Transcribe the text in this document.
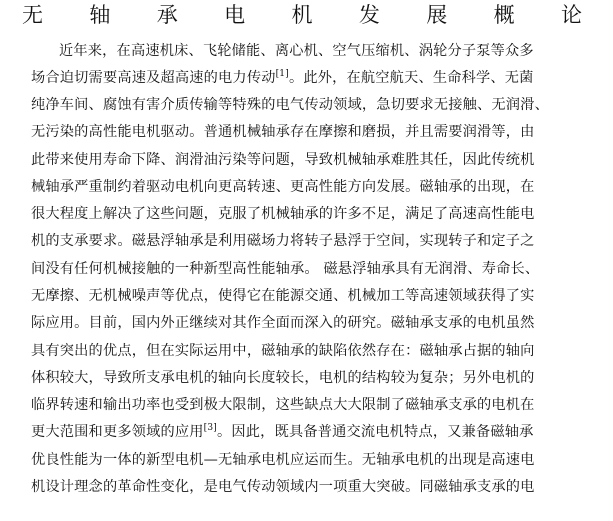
无 轴 承 电 机 发 展 概 论
近年来，在高速机床、飞轮储能、离心机、空气压缩机、涡轮分子泵等众多
场合迫切需要高速及超高速的电力传动[1]。此外，在航空航天、生命科学、无菌
纯净车间、腐蚀有害介质传输等特殊的电气传动领域，急切要求无接触、无润滑、
无污染的高性能电机驱动。普通机械轴承存在摩擦和磨损，并且需要润滑等，由
此带来使用寿命下降、润滑油污染等问题，导致机械轴承难胜其任，因此传统机
械轴承严重制约着驱动电机向更高转速、更高性能方向发展。磁轴承的出现，在
很大程度上解决了这些问题，克服了机械轴承的许多不足，满足了高速高性能电
机的支承要求。磁悬浮轴承是利用磁场力将转子悬浮于空间，实现转子和定子之
间没有任何机械接触的一种新型高性能轴承。 磁悬浮轴承具有无润滑、寿命长、
无摩擦、无机械噪声等优点，使得它在能源交通、机械加工等高速领域获得了实
际应用。目前，国内外正继续对其作全面而深入的研究。磁轴承支承的电机虽然
具有突出的优点，但在实际运用中，磁轴承的缺陷依然存在：磁轴承占据的轴向
体积较大，导致所支承电机的轴向长度较长，电机的结构较为复杂；另外电机的
临界转速和输出功率也受到极大限制，这些缺点大大限制了磁轴承支承的电机在
更大范围和更多领域的应用[3]。因此，既具备普通交流电机特点，又兼备磁轴承
优良性能为一体的新型电机—无轴承电机应运而生。无轴承电机的出现是高速电
机设计理念的革命性变化，是电气传动领域内一项重大突破。同磁轴承支承的电
